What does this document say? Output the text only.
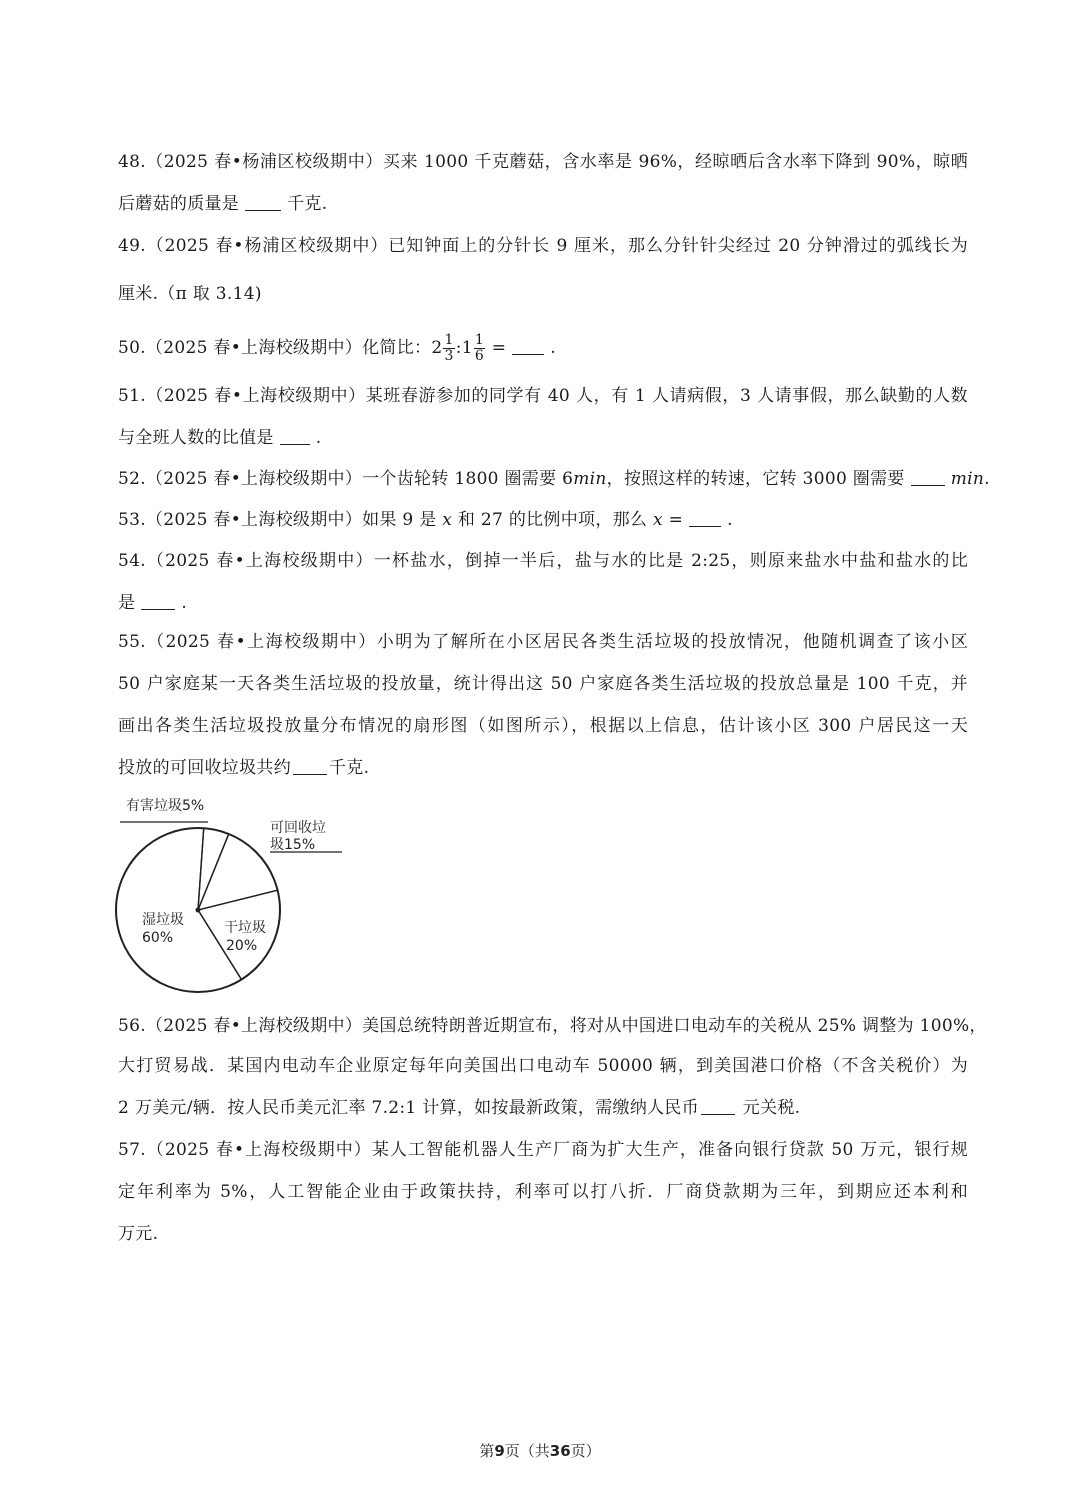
48.（2025 春•杨浦区校级期中）买来 1000 千克蘑菇，含水率是 96%，经晾晒后含水率下降到 90%，晾晒
后蘑菇的质量是	千克.
49.（2025 春•杨浦区校级期中）已知钟面上的分针长 9 厘米，那么分针针尖经过 20 分钟滑过的弧线长为
厘米.（π 取 3.14)
50.（2025 春•上海校级期中）化简比：$2 \frac{1}{3}$ :1 $\frac{1}{6}$ =	.
51.（2025 春•上海校级期中）某班春游参加的同学有 40 人，有 1 人请病假，3 人请事假，那么缺勤的人数
与全班人数的比值是 .
52.（2025 春•上海校级期中）一个齿轮转 1800 圈需要 6min，按照这样的转速，它转 3000 圈需要	min.
53.（2025 春•上海校级期中）如果 9 是 x 和 27 的比例中项，那么 x =	.
54.（2025 春•上海校级期中）一杯盐水，倒掉一半后，盐与水的比是 2:25，则原来盐水中盐和盐水的比
是	.
55.（2025 春•上海校级期中）小明为了解所在小区居民各类生活垃圾的投放情况，他随机调查了该小区
50 户家庭某一天各类生活垃圾的投放量，统计得出这 50 户家庭各类生活垃圾的投放总量是 100 千克，并
画出各类生活垃圾投放量分布情况的扇形图（如图所示），根据以上信息，估计该小区 300 户居民这一天
投放的可回收垃圾共约 千克.
有害垃圾5%
可回收垃
圾15%
干垃圾
20%
湿垃圾
60%
56.（2025 春•上海校级期中）美国总统特朗普近期宣布，将对从中国进口电动车的关税从 25% 调整为 100%，
大打贸易战．某国内电动车企业原定每年向美国出口电动车 50000 辆，到美国港口价格（不含关税价）为
2 万美元/辆．按人民币美元汇率 7.2:1 计算，如按最新政策，需缴纳人民币	元关税.
57.（2025 春•上海校级期中）某人工智能机器人生产厂商为扩大生产，准备向银行贷款 50 万元，银行规
定年利率为 5%，人工智能企业由于政策扶持，利率可以打八折．厂商贷款期为三年，到期应还本利和
万元.
第9页（共36页）
